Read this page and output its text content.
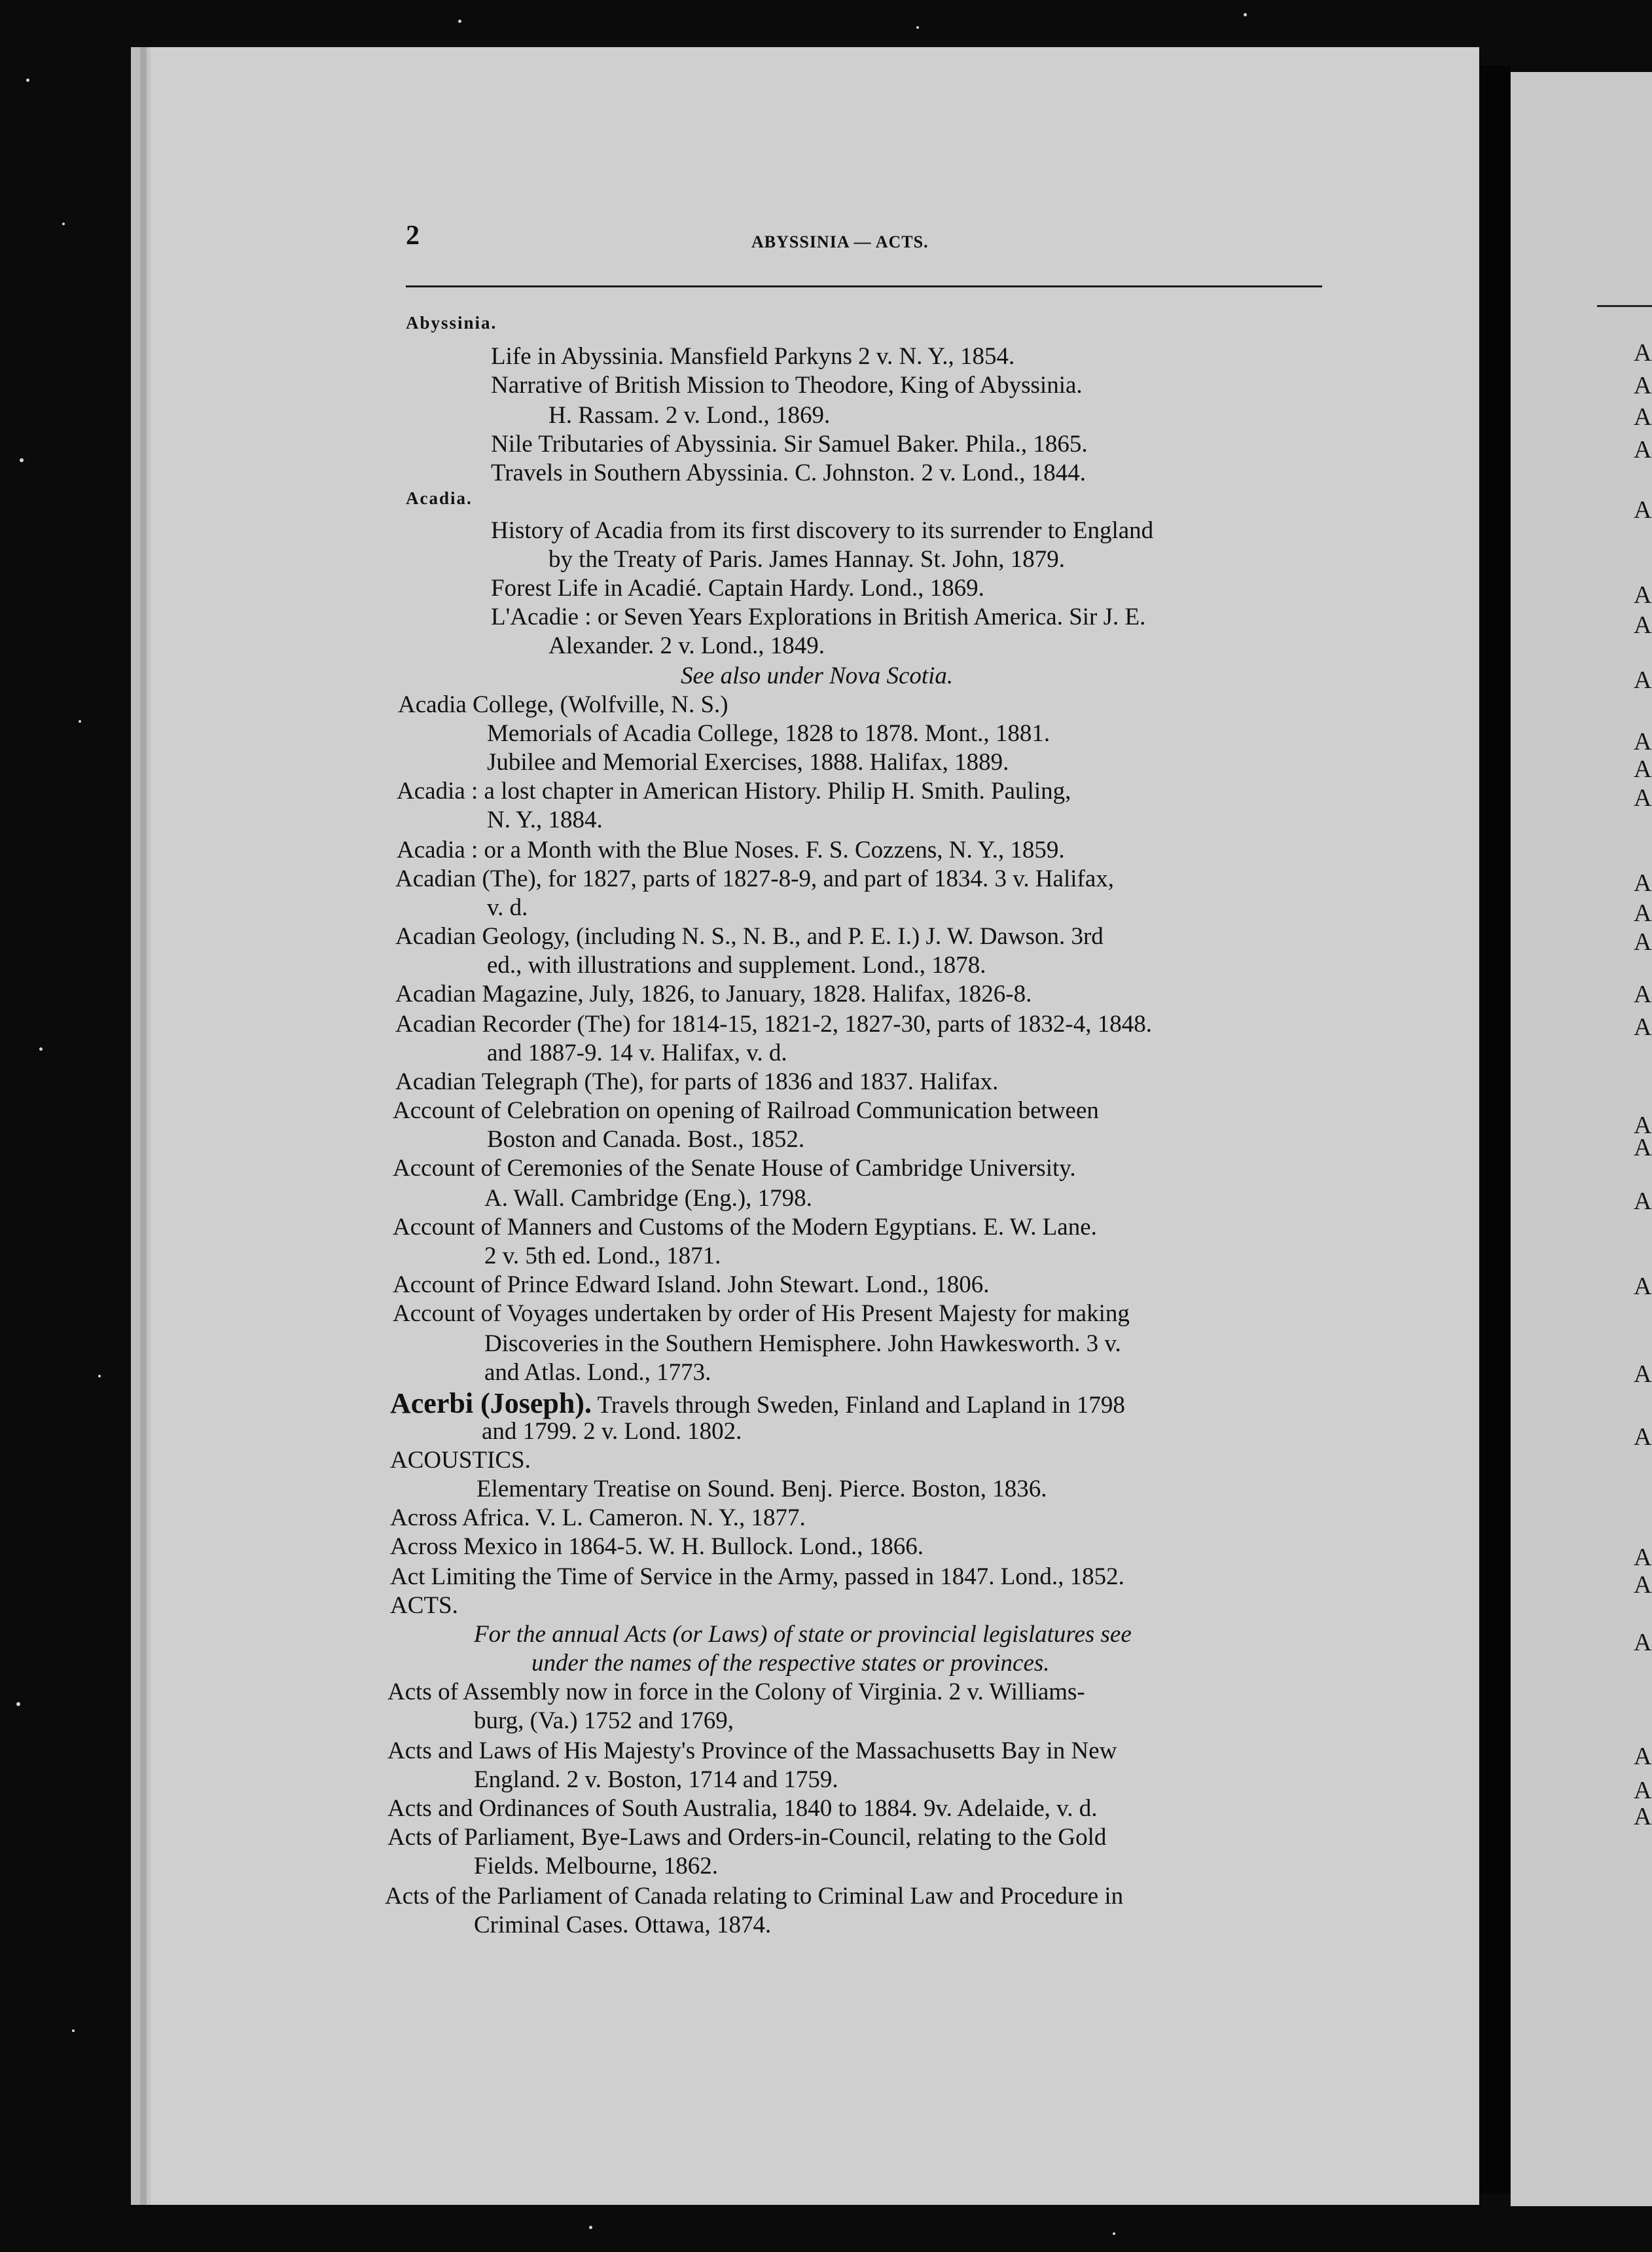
A
A
A
A
A
A
A
A
A
A
A
A
A
A
A
A
A
A
A
A
A
A
A
A
A
A
A
A
2	ABYSSINIA — ACTS.
Abyssinia.
Life in Abyssinia. Mansfield Parkyns 2 v. N. Y., 1854.
Narrative of British Mission to Theodore, King of Abyssinia.
H. Rassam. 2 v. Lond., 1869.
Nile Tributaries of Abyssinia. Sir Samuel Baker. Phila., 1865.
Travels in Southern Abyssinia. C. Johnston. 2 v. Lond., 1844.
Acadia.
History of Acadia from its first discovery to its surrender to England
by the Treaty of Paris. James Hannay. St. John, 1879.
Forest Life in Acadié. Captain Hardy. Lond., 1869.
L'Acadie : or Seven Years Explorations in British America. Sir J. E.
Alexander. 2 v. Lond., 1849.
See also under Nova Scotia.
Acadia College, (Wolfville, N. S.)
Memorials of Acadia College, 1828 to 1878. Mont., 1881.
Jubilee and Memorial Exercises, 1888. Halifax, 1889.
Acadia : a lost chapter in American History. Philip H. Smith. Pauling,
N. Y., 1884.
Acadia : or a Month with the Blue Noses. F. S. Cozzens, N. Y., 1859.
Acadian (The), for 1827, parts of 1827-8-9, and part of 1834. 3 v. Halifax,
v. d.
Acadian Geology, (including N. S., N. B., and P. E. I.) J. W. Dawson. 3rd
ed., with illustrations and supplement. Lond., 1878.
Acadian Magazine, July, 1826, to January, 1828. Halifax, 1826-8.
Acadian Recorder (The) for 1814-15, 1821-2, 1827-30, parts of 1832-4, 1848.
and 1887-9. 14 v. Halifax, v. d.
Acadian Telegraph (The), for parts of 1836 and 1837. Halifax.
Account of Celebration on opening of Railroad Communication between
Boston and Canada. Bost., 1852.
Account of Ceremonies of the Senate House of Cambridge University.
A. Wall. Cambridge (Eng.), 1798.
Account of Manners and Customs of the Modern Egyptians. E. W. Lane.
2 v. 5th ed. Lond., 1871.
Account of Prince Edward Island. John Stewart. Lond., 1806.
Account of Voyages undertaken by order of His Present Majesty for making
Discoveries in the Southern Hemisphere. John Hawkesworth. 3 v.
and Atlas. Lond., 1773.
Acerbi (Joseph). Travels through Sweden, Finland and Lapland in 1798
and 1799. 2 v. Lond. 1802.
ACOUSTICS.
Elementary Treatise on Sound. Benj. Pierce. Boston, 1836.
Across Africa. V. L. Cameron. N. Y., 1877.
Across Mexico in 1864-5. W. H. Bullock. Lond., 1866.
Act Limiting the Time of Service in the Army, passed in 1847. Lond., 1852.
ACTS.
For the annual Acts (or Laws) of state or provincial legislatures see
under the names of the respective states or provinces.
Acts of Assembly now in force in the Colony of Virginia. 2 v. Williams-
burg, (Va.) 1752 and 1769,
Acts and Laws of His Majesty's Province of the Massachusetts Bay in New
England. 2 v. Boston, 1714 and 1759.
Acts and Ordinances of South Australia, 1840 to 1884. 9v. Adelaide, v. d.
Acts of Parliament, Bye-Laws and Orders-in-Council, relating to the Gold
Fields. Melbourne, 1862.
Acts of the Parliament of Canada relating to Criminal Law and Procedure in
Criminal Cases. Ottawa, 1874.
